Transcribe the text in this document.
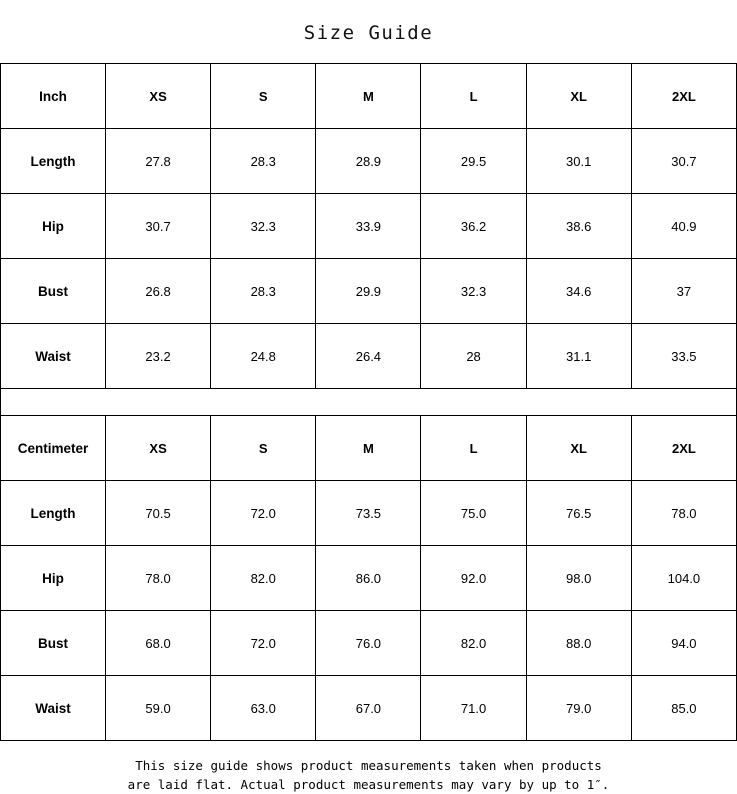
Size Guide
Inch	XS	S	M	L	XL	2XL
Length	27.8	28.3	28.9	29.5	30.1	30.7
Hip	30.7	32.3	33.9	36.2	38.6	40.9
Bust	26.8	28.3	29.9	32.3	34.6	37
Waist	23.2	24.8	26.4	28	31.1	33.5
Centimeter	XS	S	M	L	XL	2XL
Length	70.5	72.0	73.5	75.0	76.5	78.0
Hip	78.0	82.0	86.0	92.0	98.0	104.0
Bust	68.0	72.0	76.0	82.0	88.0	94.0
Waist	59.0	63.0	67.0	71.0	79.0	85.0
This size guide shows product measurements taken when products
are laid flat. Actual product measurements may vary by up to 1″.
